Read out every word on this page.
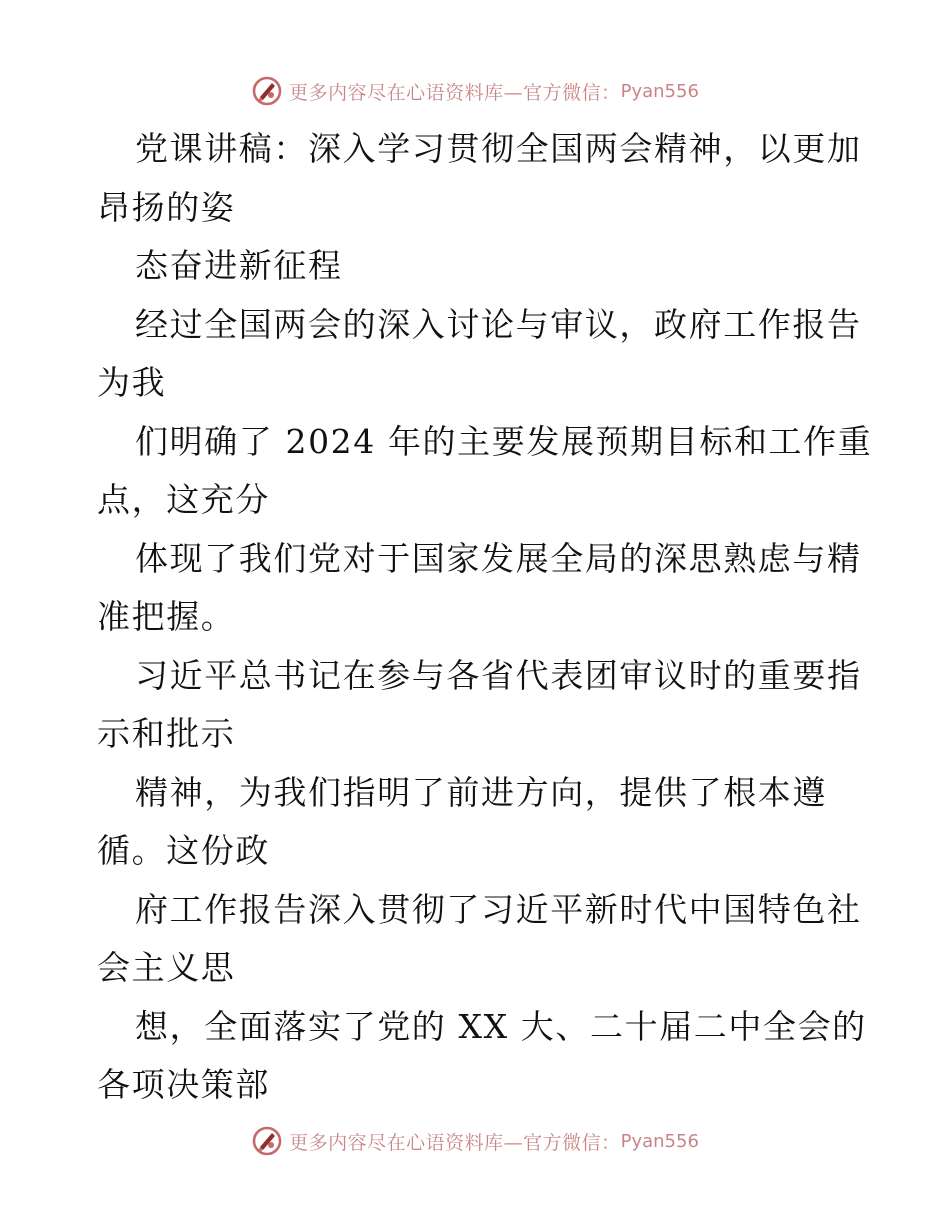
更多内容尽在心语资料库—官方微信： Pyan556
党课讲稿：深入学习贯彻全国两会精神，以更加
昂扬的姿
态奋进新征程
经过全国两会的深入讨论与审议，政府工作报告
为我
们明确了 2024 年的主要发展预期目标和工作重
点，这充分
体现了我们党对于国家发展全局的深思熟虑与精
准把握。
习近平总书记在参与各省代表团审议时的重要指
示和批示
精神，为我们指明了前进方向，提供了根本遵
循。这份政
府工作报告深入贯彻了习近平新时代中国特色社
会主义思
想，全面落实了党的 XX 大、二十届二中全会的
各项决策部
更多内容尽在心语资料库—官方微信： Pyan556
